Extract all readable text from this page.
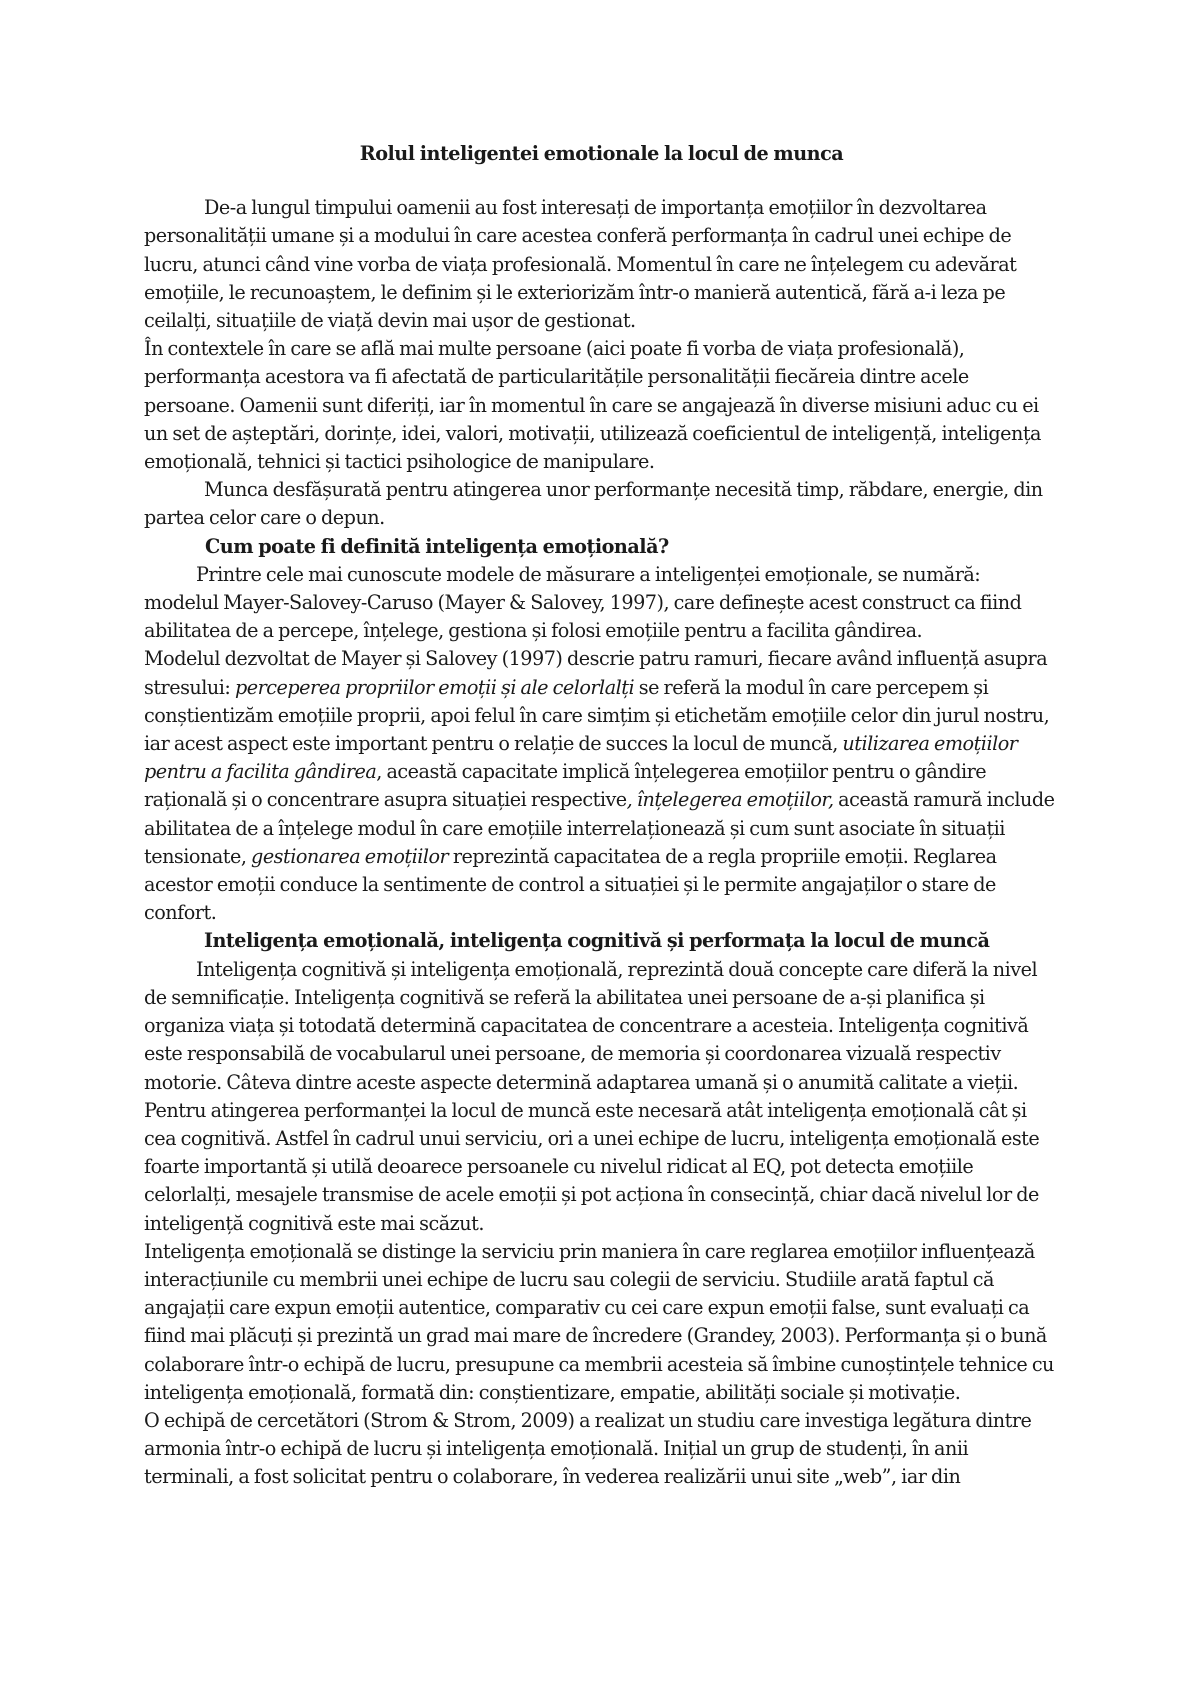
Rolul inteligentei emotionale la locul de munca

De-a lungul timpului oamenii au fost interesați de importanța emoțiilor în dezvoltarea personalității umane și a modului în care acestea conferă performanța în cadrul unei echipe de lucru, atunci când vine vorba de viața profesională. Momentul în care ne înțelegem cu adevărat emoțiile, le recunoaștem, le definim și le exteriorizăm într-o manieră autentică, fără a-i leza pe ceilalți, situațiile de viață devin mai ușor de gestionat.

În contextele în care se află mai multe persoane (aici poate fi vorba de viața profesională), performanța acestora va fi afectată de particularitățile personalității fiecăreia dintre acele persoane. Oamenii sunt diferiți, iar în momentul în care se angajează în diverse misiuni aduc cu ei un set de așteptări, dorințe, idei, valori, motivații, utilizează coeficientul de inteligență, inteligența emoțională, tehnici și tactici psihologice de manipulare.

Munca desfășurată pentru atingerea unor performanțe necesită timp, răbdare, energie, din partea celor care o depun.

Cum poate fi definită inteligența emoțională?

Printre cele mai cunoscute modele de măsurare a inteligenței emoționale, se numără: modelul Mayer-Salovey-Caruso (Mayer & Salovey, 1997), care definește acest construct ca fiind abilitatea de a percepe, înțelege, gestiona și folosi emoțiile pentru a facilita gândirea.

Modelul dezvoltat de Mayer și Salovey (1997) descrie patru ramuri, fiecare având influență asupra stresului: perceperea propriilor emoții și ale celorlalți se referă la modul în care percepem și conștientizăm emoțiile proprii, apoi felul în care simțim și etichetăm emoțiile celor din jurul nostru, iar acest aspect este important pentru o relație de succes la locul de muncă, utilizarea emoțiilor pentru a facilita gândirea, această capacitate implică înțelegerea emoțiilor pentru o gândire rațională și o concentrare asupra situației respective, înțelegerea emoțiilor, această ramură include abilitatea de a înțelege modul în care emoțiile interrelaționează și cum sunt asociate în situații tensionate, gestionarea emoțiilor reprezintă capacitatea de a regla propriile emoții. Reglarea acestor emoții conduce la sentimente de control a situației și le permite angajaților o stare de confort.

Inteligența emoțională, inteligența cognitivă și performața la locul de muncă

Inteligența cognitivă și inteligența emoțională, reprezintă două concepte care diferă la nivel de semnificație. Inteligența cognitivă se referă la abilitatea unei persoane de a-și planifica și organiza viața și totodată determină capacitatea de concentrare a acesteia. Inteligența cognitivă este responsabilă de vocabularul unei persoane, de memoria și coordonarea vizuală respectiv motorie. Câteva dintre aceste aspecte determină adaptarea umană și o anumită calitate a vieții.

Pentru atingerea performanței la locul de muncă este necesară atât inteligența emoțională cât și cea cognitivă. Astfel în cadrul unui serviciu, ori a unei echipe de lucru, inteligența emoțională este foarte importantă și utilă deoarece persoanele cu nivelul ridicat al EQ, pot detecta emoțiile celorlalți, mesajele transmise de acele emoții și pot acționa în consecință, chiar dacă nivelul lor de inteligență cognitivă este mai scăzut.

Inteligența emoțională se distinge la serviciu prin maniera în care reglarea emoțiilor influențează interacțiunile cu membrii unei echipe de lucru sau colegii de serviciu. Studiile arată faptul că angajații care expun emoții autentice, comparativ cu cei care expun emoții false, sunt evaluați ca fiind mai plăcuți și prezintă un grad mai mare de încredere (Grandey, 2003). Performanța și o bună colaborare într-o echipă de lucru, presupune ca membrii acesteia să îmbine cunoștințele tehnice cu inteligența emoțională, formată din: conștientizare, empatie, abilități sociale și motivație.

O echipă de cercetători (Strom & Strom, 2009) a realizat un studiu care investiga legătura dintre armonia într-o echipă de lucru și inteligența emoțională. Inițial un grup de studenți, în anii terminali, a fost solicitat pentru o colaborare, în vederea realizării unui site „web”, iar din
